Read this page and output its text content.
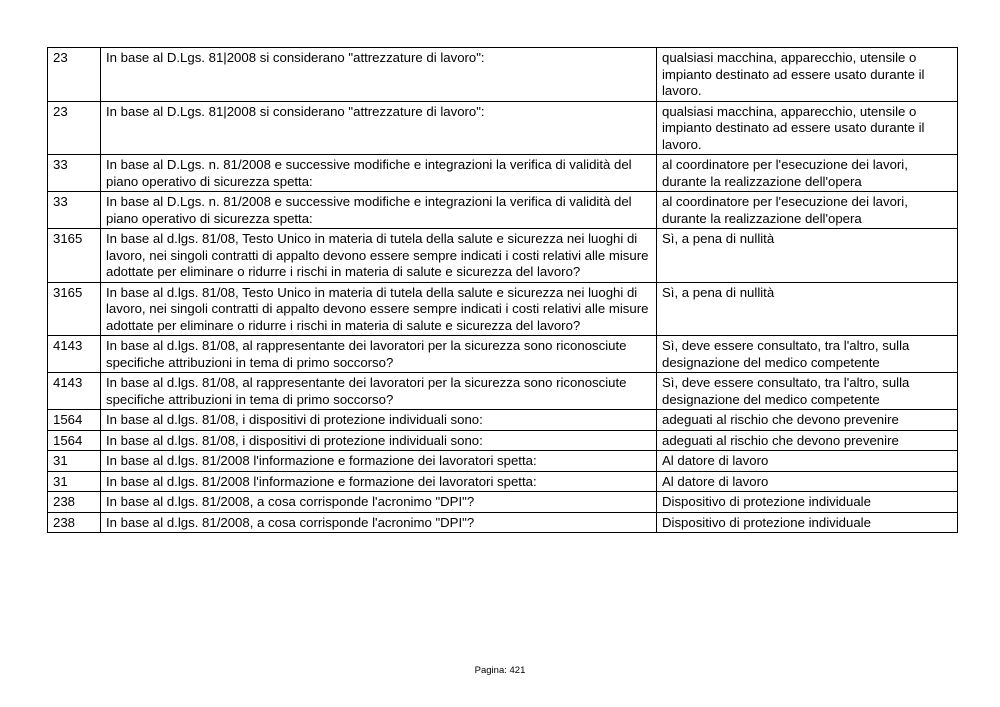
23	In base al D.Lgs. 81|2008 si considerano "attrezzature di lavoro":	qualsiasi macchina, apparecchio, utensile o impianto destinato ad essere usato durante il lavoro.
23	In base al D.Lgs. 81|2008 si considerano "attrezzature di lavoro":	qualsiasi macchina, apparecchio, utensile o impianto destinato ad essere usato durante il lavoro.
33	In base al D.Lgs. n. 81/2008 e successive modifiche e integrazioni la verifica di validità del piano operativo di sicurezza spetta:	al coordinatore per l'esecuzione dei lavori, durante la realizzazione dell'opera
33	In base al D.Lgs. n. 81/2008 e successive modifiche e integrazioni la verifica di validità del piano operativo di sicurezza spetta:	al coordinatore per l'esecuzione dei lavori, durante la realizzazione dell'opera
3165	In base al d.lgs. 81/08, Testo Unico in materia di tutela della salute e sicurezza nei luoghi di lavoro, nei singoli contratti di appalto devono essere sempre indicati i costi relativi alle misure adottate per eliminare o ridurre i rischi in materia di salute e sicurezza del lavoro?	Sì, a pena di nullità
3165	In base al d.lgs. 81/08, Testo Unico in materia di tutela della salute e sicurezza nei luoghi di lavoro, nei singoli contratti di appalto devono essere sempre indicati i costi relativi alle misure adottate per eliminare o ridurre i rischi in materia di salute e sicurezza del lavoro?	Sì, a pena di nullità
4143	In base al d.lgs. 81/08, al rappresentante dei lavoratori per la sicurezza sono riconosciute specifiche attribuzioni in tema di primo soccorso?	Sì, deve essere consultato, tra l'altro, sulla designazione del medico competente
4143	In base al d.lgs. 81/08, al rappresentante dei lavoratori per la sicurezza sono riconosciute specifiche attribuzioni in tema di primo soccorso?	Sì, deve essere consultato, tra l'altro, sulla designazione del medico competente
1564	In base al d.lgs. 81/08, i dispositivi di protezione individuali sono:	adeguati al rischio che devono prevenire
1564	In base al d.lgs. 81/08, i dispositivi di protezione individuali sono:	adeguati al rischio che devono prevenire
31	In base al d.lgs. 81/2008 l'informazione e formazione dei lavoratori spetta:	Al datore di lavoro
31	In base al d.lgs. 81/2008 l'informazione e formazione dei lavoratori spetta:	Al datore di lavoro
238	In base al d.lgs. 81/2008, a cosa corrisponde l'acronimo "DPI"?	Dispositivo di protezione individuale
238	In base al d.lgs. 81/2008, a cosa corrisponde l'acronimo "DPI"?	Dispositivo di protezione individuale
Pagina: 421
